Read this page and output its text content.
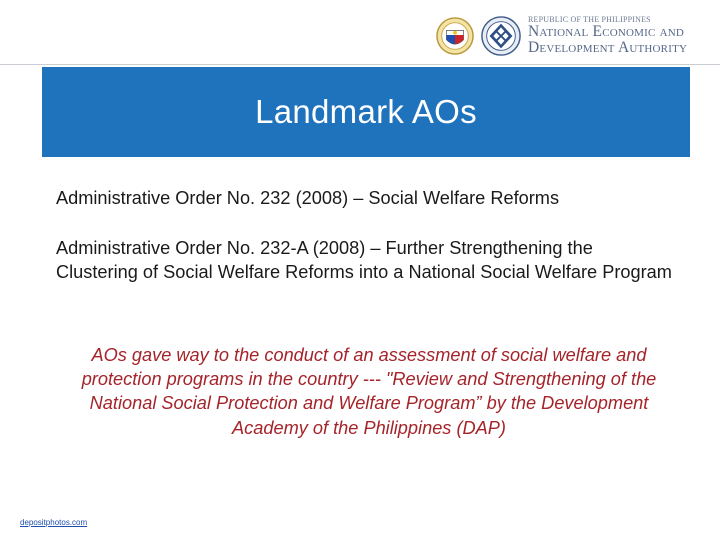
REPUBLIC OF THE PHILIPPINES
National Economic and
Development Authority
Landmark AOs
Administrative Order No. 232 (2008) – Social Welfare Reforms
Administrative Order No. 232-A (2008) – Further Strengthening the Clustering of Social Welfare Reforms into a National Social Welfare Program
AOs gave way to the conduct of an assessment of social welfare and protection programs in the country --- "Review and Strengthening of the National Social Protection and Welfare Program” by the Development Academy of the Philippines (DAP)
depositphotos.com
